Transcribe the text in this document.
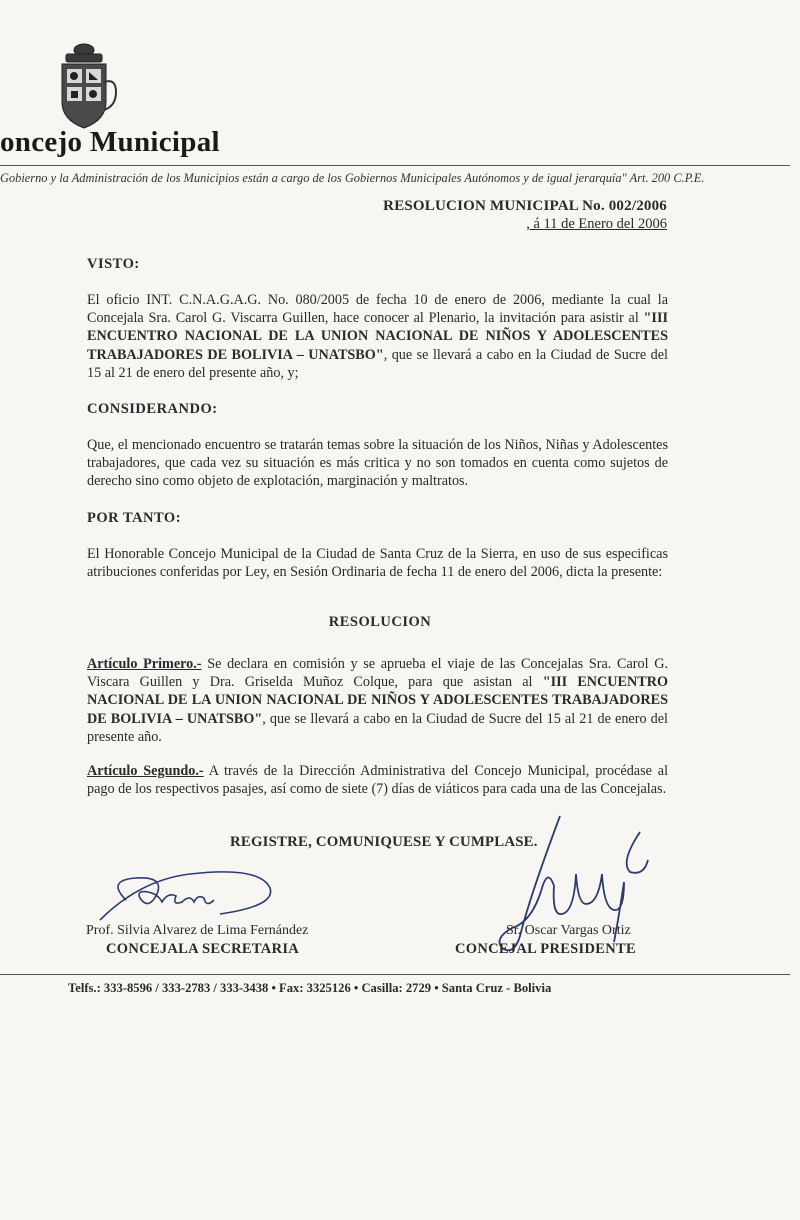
oncejo Municipal
Gobierno y la Administración de los Municipios están a cargo de los Gobiernos Municipales Autónomos y de igual jerarquía" Art. 200 C.P.E.
RESOLUCION MUNICIPAL No. 002/2006
, á 11 de Enero del 2006
VISTO:
El oficio INT. C.N.A.G.A.G. No. 080/2005 de fecha 10 de enero de 2006, mediante la cual la Concejala Sra. Carol G. Viscarra Guillen, hace conocer al Plenario, la invitación para asistir al "III ENCUENTRO NACIONAL DE LA UNION NACIONAL DE NIÑOS Y ADOLESCENTES TRABAJADORES DE BOLIVIA – UNATSBO", que se llevará a cabo en la Ciudad de Sucre del 15 al 21 de enero del presente año, y;
CONSIDERANDO:
Que, el mencionado encuentro se tratarán temas sobre la situación de los Niños, Niñas y Adolescentes trabajadores, que cada vez su situación es más critica y no son tomados en cuenta como sujetos de derecho sino como objeto de explotación, marginación y maltratos.
POR TANTO:
El Honorable Concejo Municipal de la Ciudad de Santa Cruz de la Sierra, en uso de sus especificas atribuciones conferidas por Ley, en Sesión Ordinaria de fecha 11 de enero del 2006, dicta la presente:
RESOLUCION
Artículo Primero.- Se declara en comisión y se aprueba el viaje de las Concejalas Sra. Carol G. Viscara Guillen y Dra. Griselda Muñoz Colque, para que asistan al "III ENCUENTRO NACIONAL DE LA UNION NACIONAL DE NIÑOS Y ADOLESCENTES TRABAJADORES DE BOLIVIA – UNATSBO", que se llevará a cabo en la Ciudad de Sucre del 15 al 21 de enero del presente año.
Artículo Segundo.- A través de la Dirección Administrativa del Concejo Municipal, procédase al pago de los respectivos pasajes, así como de siete (7) días de viáticos para cada una de las Concejalas.
REGISTRE, COMUNIQUESE Y CUMPLASE.
Prof. Silvia Alvarez de Lima Fernández
CONCEJALA SECRETARIA
Sr. Oscar Vargas Ortiz
CONCEJAL PRESIDENTE
Telfs.: 333-8596 / 333-2783 / 333-3438 • Fax: 3325126 • Casilla: 2729 • Santa Cruz - Bolivia
